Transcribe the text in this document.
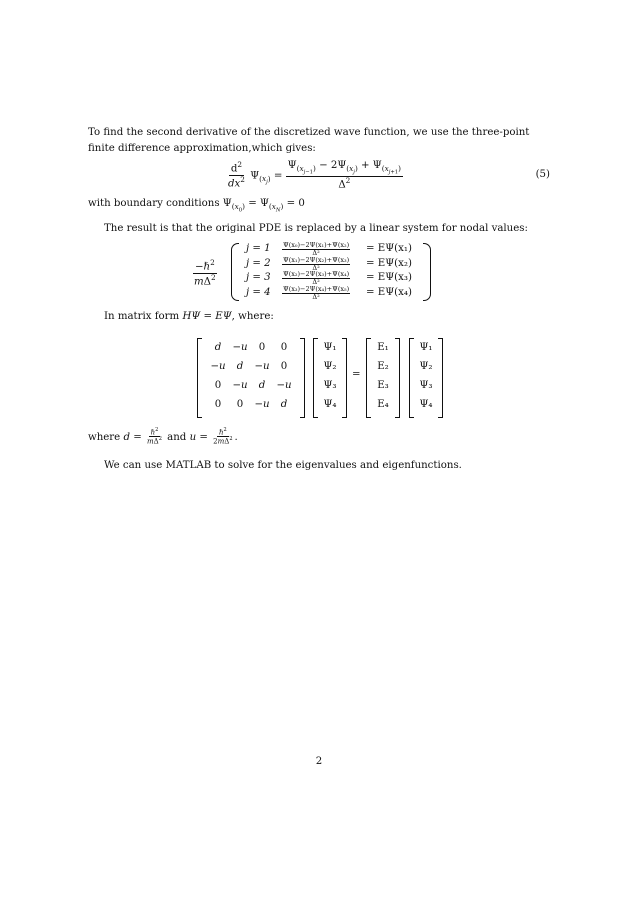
To find the second derivative of the discretized wave function, we use the three-point finite difference approximation,which gives:
$\frac{d^2}{dx^2} \Psi_{(x_j)} = \frac{\Psi_{(x_{j-1})} - 2\Psi_{(x_j)} + \Psi_{(x_{j+1})}}{\Delta^2}$	(5)
with boundary conditions $\Psi_{(x_0)} = \Psi_{(x_N)} = 0$
The result is that the original PDE is replaced by a linear system for nodal values:
$\frac{-\hbar^2}{m\Delta^2}$
$j = 1 \frac{\text{Ψ(x₀)−2Ψ(x₁)+Ψ(x₂)}}{\text{Δ²}} = E\Psi(x_1)$
$j = 2 \frac{\text{Ψ(x₁)−2Ψ(x₂)+Ψ(x₃)}}{\text{Δ²}} = E\Psi(x_2)$
$j = 3 \frac{\text{Ψ(x₂)−2Ψ(x₃)+Ψ(x₄)}}{\text{Δ²}} = E\Psi(x_3)$
$j = 4 \frac{\text{Ψ(x₃)−2Ψ(x₄)+Ψ(x₅)}}{\text{Δ²}} = E\Psi(x_4)$
In matrix form HΨ = EΨ, where:
d	−u	0	0
−u	d	−u	0
0	−u	d	−u
0	0	−u	d
Ψ₁
Ψ₂
Ψ₃
Ψ₄
=
E₁
E₂
E₃
E₄
Ψ₁
Ψ₂
Ψ₃
Ψ₄
where $d = \frac{\hbar^2}{m\Delta^2}$ and $u = \frac{\hbar^2}{2m\Delta^2}$ .
We can use MATLAB to solve for the eigenvalues and eigenfunctions.
2
